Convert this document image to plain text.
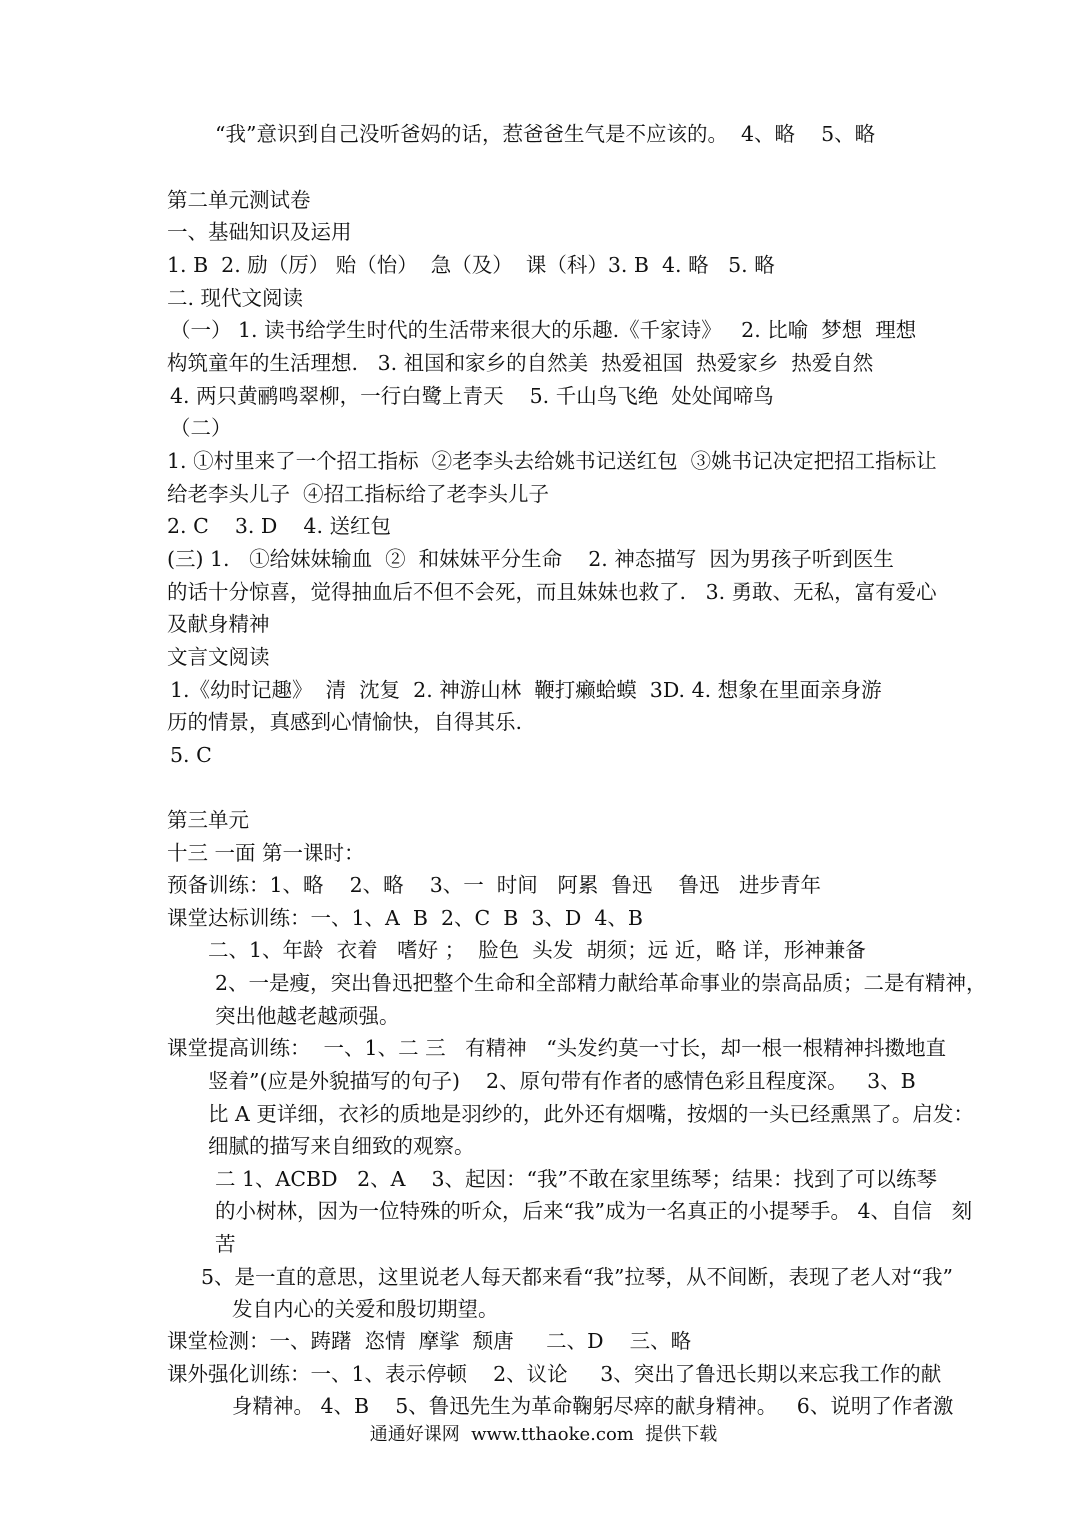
“我”意识到自己没听爸妈的话，惹爸爸生气是不应该的。  4、略    5、略
第二单元测试卷
一、基础知识及运用
1. B  2. 励（厉） 贻（怡）  急（及）  课（科）3. B  4. 略   5. 略
二. 现代文阅读
（一） 1. 读书给学生时代的生活带来很大的乐趣.《千家诗》   2. 比喻  梦想  理想
构筑童年的生活理想.   3. 祖国和家乡的自然美  热爱祖国  热爱家乡  热爱自然
4. 两只黄鹂鸣翠柳，一行白鹭上青天    5. 千山鸟飞绝  处处闻啼鸟
（二）
1. ①村里来了一个招工指标  ②老李头去给姚书记送红包  ③姚书记决定把招工指标让
给老李头儿子  ④招工指标给了老李头儿子
2. C    3. D    4. 送红包
(三) 1.   ①给妹妹输血  ②  和妹妹平分生命    2. 神态描写  因为男孩子听到医生
的话十分惊喜，觉得抽血后不但不会死，而且妹妹也救了.   3. 勇敢、无私，富有爱心
及献身精神
文言文阅读
1.《幼时记趣》  清  沈复  2. 神游山林  鞭打癞蛤蟆  3D. 4. 想象在里面亲身游
历的情景，真感到心情愉快，自得其乐.
5. C
第三单元
十三 一面 第一课时：
预备训练：1、略    2、略    3、一  时间   阿累  鲁迅    鲁迅   进步青年
课堂达标训练：一、1、A  B  2、C  B  3、D  4、B
二、1、年龄  衣着   嗜好 ；  脸色  头发  胡须；远 近，略 详，形神兼备
2、一是瘦，突出鲁迅把整个生命和全部精力献给革命事业的崇高品质；二是有精神，
突出他越老越顽强。
课堂提高训练：  一、1、二 三   有精神   “头发约莫一寸长，却一根一根精神抖擞地直
竖着”(应是外貌描写的句子)    2、原句带有作者的感情色彩且程度深。   3、B
比 A 更详细，衣衫的质地是羽纱的，此外还有烟嘴，按烟的一头已经熏黑了。启发：
细腻的描写来自细致的观察。
二 1、ACBD   2、A    3、起因：“我”不敢在家里练琴；结果：找到了可以练琴
的小树林，因为一位特殊的听众，后来“我”成为一名真正的小提琴手。 4、自信   刻
苦
5、是一直的意思，这里说老人每天都来看“我”拉琴，从不间断，表现了老人对“我”
发自内心的关爱和殷切期望。
课堂检测：一、踌躇  恣情  摩挲  颓唐     二、D    三、略
课外强化训练：一、1、表示停顿    2、议论     3、突出了鲁迅长期以来忘我工作的献
身精神。 4、B    5、鲁迅先生为革命鞠躬尽瘁的献身精神。   6、说明了作者激
通通好课网  www.tthaoke.com  提供下载
